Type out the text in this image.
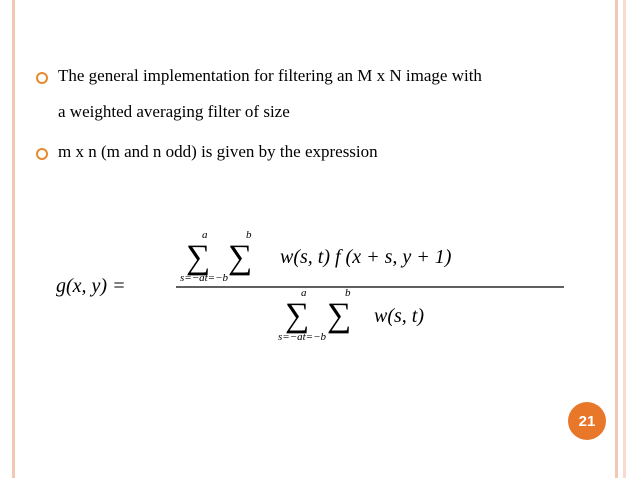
The general implementation for filtering an M x N image with
a weighted averaging filter of size
m x n (m and n odd) is given by the expression
g(x, y) =
a
∑
b
∑
s=−at=−b
w(s, t) f (x + s, y + 1)
a
∑
b
∑
s=−at=−b
w(s, t)
21
